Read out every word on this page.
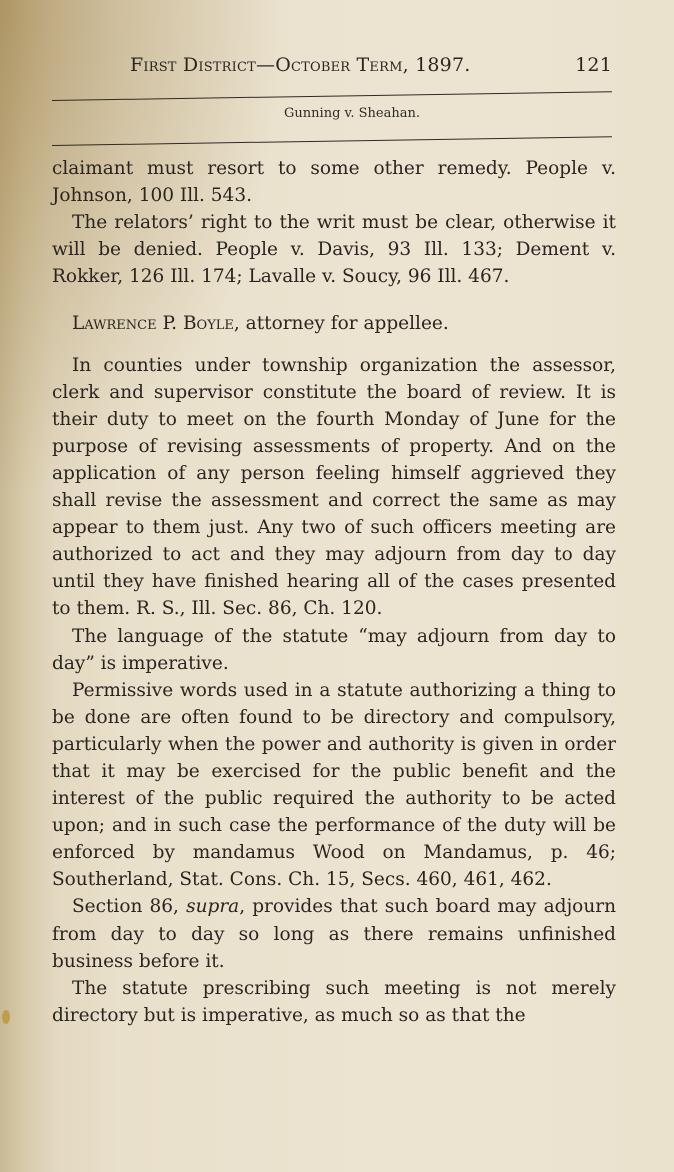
First District—October Term, 1897.	121
Gunning v. Sheahan.

claimant must resort to some other remedy. People v. Johnson, 100 Ill. 543.

The relators’ right to the writ must be clear, otherwise it will be denied. People v. Davis, 93 Ill. 133; Dement v. Rokker, 126 Ill. 174; Lavalle v. Soucy, 96 Ill. 467.

Lawrence P. Boyle, attorney for appellee.

In counties under township organization the assessor, clerk and supervisor constitute the board of review. It is their duty to meet on the fourth Monday of June for the purpose of revising assessments of property. And on the application of any person feeling himself aggrieved they shall revise the assessment and correct the same as may appear to them just. Any two of such officers meeting are authorized to act and they may adjourn from day to day until they have finished hearing all of the cases presented to them. R. S., Ill. Sec. 86, Ch. 120.

The language of the statute “may adjourn from day to day” is imperative.

Permissive words used in a statute authorizing a thing to be done are often found to be directory and compulsory, particularly when the power and authority is given in order that it may be exercised for the public benefit and the interest of the public required the authority to be acted upon; and in such case the performance of the duty will be enforced by mandamus Wood on Mandamus, p. 46; Southerland, Stat. Cons. Ch. 15, Secs. 460, 461, 462.

Section 86, supra, provides that such board may adjourn from day to day so long as there remains unfinished business before it.

The statute prescribing such meeting is not merely directory but is imperative, as much so as that the
